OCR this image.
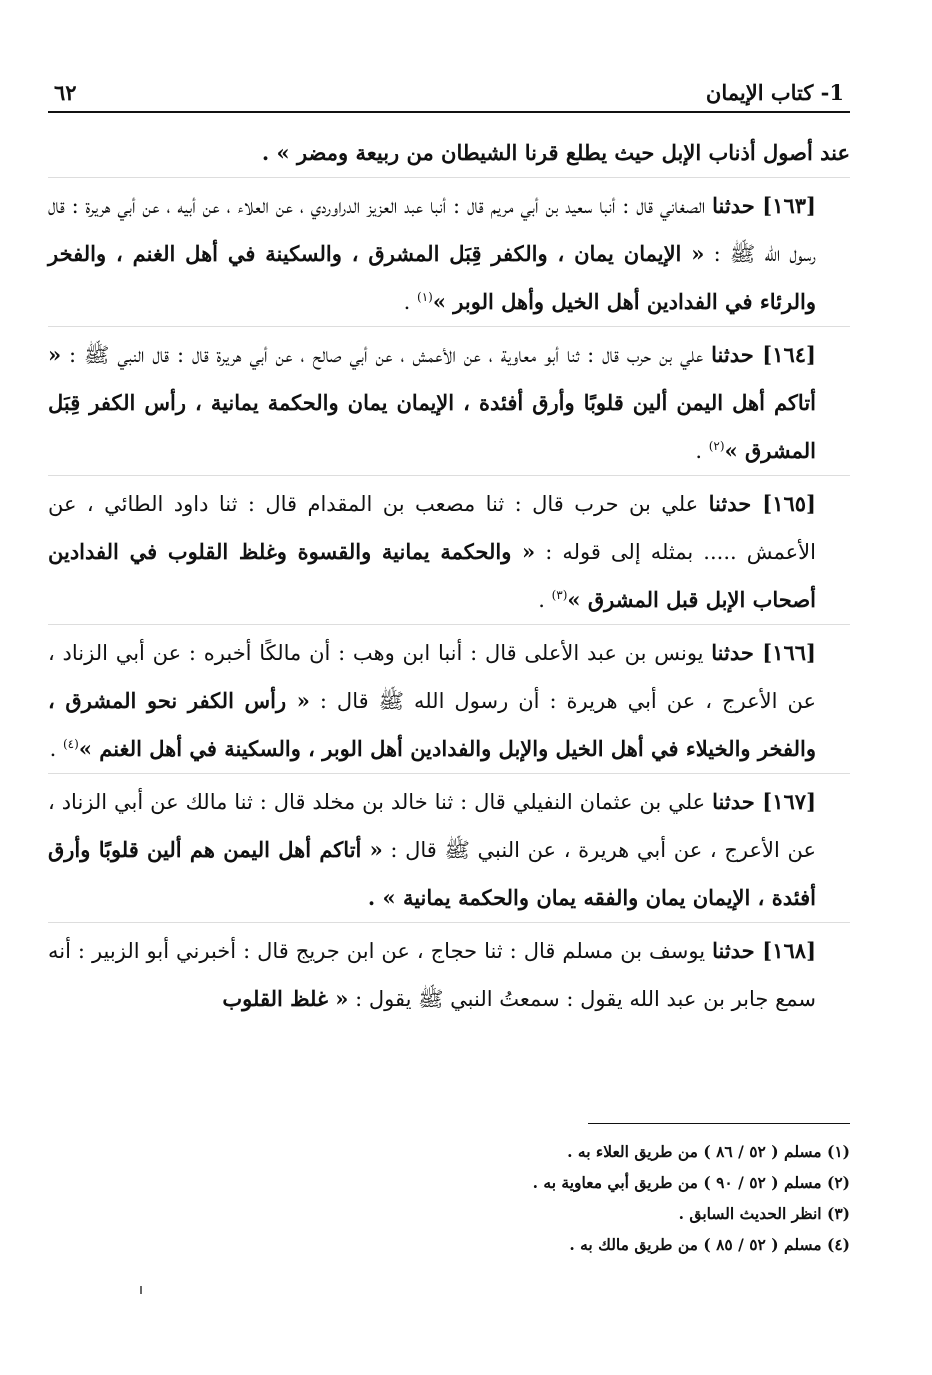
1- كتاب الإيمان
٦٢

عند أصول أذناب الإبل حيث يطلع قرنا الشيطان من ربيعة ومضر » .

[١٦٣] حدثنا الصغاني قال : أنبا سعيد بن أبي مريم قال : أنبا عبد العزيز الدراوردي ، عن العلاء ، عن أبيه ، عن أبي هريرة : قال رسول الله ﷺ : « الإيمان يمان ، والكفر قِبَل المشرق ، والسكينة في أهل الغنم ، والفخر والرئاء في الفدادين أهل الخيل وأهل الوبر »$^{(١)}$ .

[١٦٤] حدثنا علي بن حرب قال : ثنا أبو معاوية ، عن الأعمش ، عن أبي صالح ، عن أبي هريرة قال : قال النبي ﷺ : « أتاكم أهل اليمن ألين قلوبًا وأرق أفئدة ، الإيمان يمان والحكمة يمانية ، رأس الكفر قِبَل المشرق »$^{(٢)}$ .

[١٦٥] حدثنا علي بن حرب قال : ثنا مصعب بن المقدام قال : ثنا داود الطائي ، عن الأعمش ..... بمثله إلى قوله : « والحكمة يمانية والقسوة وغلظ القلوب في الفدادين أصحاب الإبل قبل المشرق »$^{(٣)}$ .

[١٦٦] حدثنا يونس بن عبد الأعلى قال : أنبا ابن وهب : أن مالكًا أخبره : عن أبي الزناد ، عن الأعرج ، عن أبي هريرة : أن رسول الله ﷺ قال : « رأس الكفر نحو المشرق ، والفخر والخيلاء في أهل الخيل والإبل والفدادين أهل الوبر ، والسكينة في أهل الغنم »$^{(٤)}$ .

[١٦٧] حدثنا علي بن عثمان النفيلي قال : ثنا خالد بن مخلد قال : ثنا مالك عن أبي الزناد ، عن الأعرج ، عن أبي هريرة ، عن النبي ﷺ قال : « أتاكم أهل اليمن هم ألين قلوبًا وأرق أفئدة ، الإيمان يمان والفقه يمان والحكمة يمانية » .

[١٦٨] حدثنا يوسف بن مسلم قال : ثنا حجاج ، عن ابن جريج قال : أخبرني أبو الزبير : أنه سمع جابر بن عبد الله يقول : سمعتُ النبي ﷺ يقول : « غلظ القلوب

(١) مسلم ( ٥٢ / ٨٦ ) من طريق العلاء به .

(٢) مسلم ( ٥٢ / ٩٠ ) من طريق أبي معاوية به .

(٣) انظر الحديث السابق .

(٤) مسلم ( ٥٢ / ٨٥ ) من طريق مالك به .
